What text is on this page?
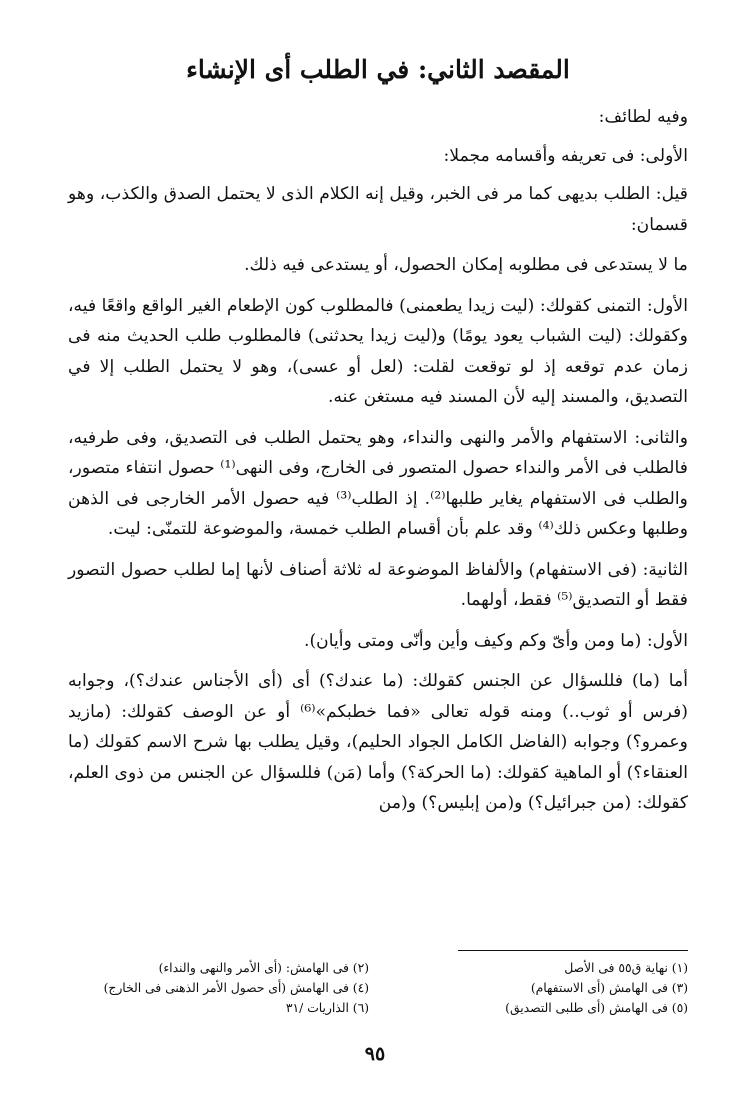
المقصد الثاني: في الطلب أى الإنشاء

وفيه لطائف:

الأولى: فى تعريفه وأقسامه مجملا:

قيل: الطلب بديهى كما مر فى الخبر، وقيل إنه الكلام الذى لا يحتمل الصدق والكذب، وهو قسمان:

ما لا يستدعى فى مطلوبه إمكان الحصول، أو يستدعى فيه ذلك.

الأول: التمنى كقولك: (ليت زيدا يطعمنى) فالمطلوب كون الإطعام الغير الواقع واقعًا فيه، وكقولك: (ليت الشباب يعود يومًا) و(ليت زيدا يحدثنى) فالمطلوب طلب الحديث منه فى زمان عدم توقعه إذ لو توقعت لقلت: (لعل أو عسى)، وهو لا يحتمل الطلب إلا في التصديق، والمسند إليه لأن المسند فيه مستغن عنه.

والثانى: الاستفهام والأمر والنهى والنداء، وهو يحتمل الطلب فى التصديق، وفى طرفيه، فالطلب فى الأمر والنداء حصول المتصور فى الخارج، وفى النهى⁽¹⁾ حصول انتفاء متصور، والطلب فى الاستفهام يغاير طلبها⁽²⁾. إذ الطلب⁽³⁾ فيه حصول الأمر الخارجى فى الذهن وطلبها وعكس ذلك⁽⁴⁾ وقد علم بأن أقسام الطلب خمسة، والموضوعة للتمنّى: ليت.

الثانية: (فى الاستفهام) والألفاظ الموضوعة له ثلاثة أصناف لأنها إما لطلب حصول التصور فقط أو التصديق⁽⁵⁾ فقط، أولهما.

الأول: (ما ومن وأىّ وكم وكيف وأين وأنّى ومتى وأيان).

أما (ما) فللسؤال عن الجنس كقولك: (ما عندك؟) أى (أى الأجناس عندك؟)، وجوابه (فرس أو ثوب..) ومنه قوله تعالى «فما خطبكم»⁽⁶⁾ أو عن الوصف كقولك: (مازيد وعمرو؟) وجوابه (الفاضل الكامل الجواد الحليم)، وقيل يطلب بها شرح الاسم كقولك (ما العنقاء؟) أو الماهية كقولك: (ما الحركة؟) وأما (مَن) فللسؤال عن الجنس من ذوى العلم، كقولك: (من جبرائيل؟) و(من إبليس؟) و(من

(١) نهاية ق٥٥ فى الأصل
(٢) فى الهامش: (أى الأمر والنهى والنداء)
(٣) فى الهامش (أى الاستفهام)
(٤) فى الهامش (أى حصول الأمر الذهنى فى الخارج)
(٥) فى الهامش (أى طلبى التصديق)
(٦) الذاريات /٣١
٩٥
